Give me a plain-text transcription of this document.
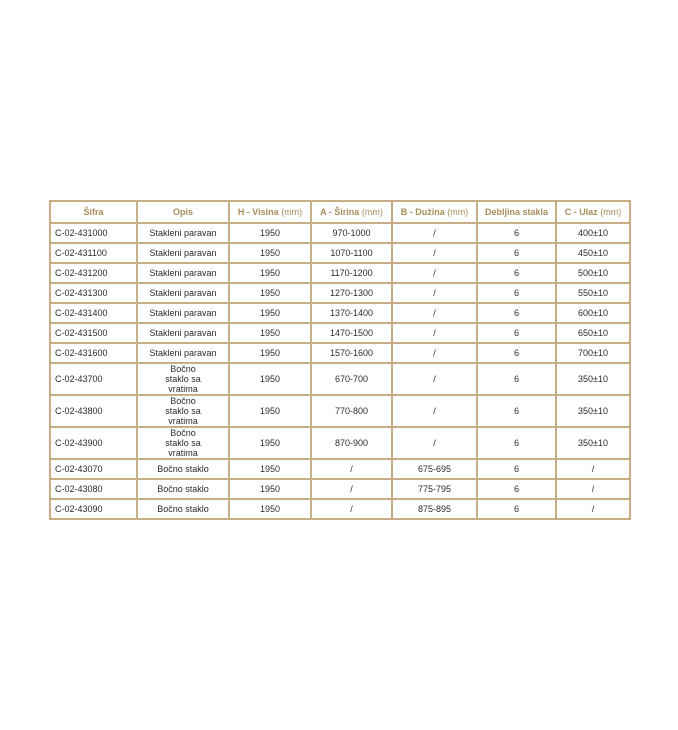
Šifra	Opis	H - Visina (mm)	A - Širina (mm)	B - Dužina (mm)	Debljina stakla	C - Ulaz (mm)
C-02-431000	Stakleni paravan	1950	970-1000	/	6	400±10
C-02-431100	Stakleni paravan	1950	1070-1100	/	6	450±10
C-02-431200	Stakleni paravan	1950	1170-1200	/	6	500±10
C-02-431300	Stakleni paravan	1950	1270-1300	/	6	550±10
C-02-431400	Stakleni paravan	1950	1370-1400	/	6	600±10
C-02-431500	Stakleni paravan	1950	1470-1500	/	6	650±10
C-02-431600	Stakleni paravan	1950	1570-1600	/	6	700±10
C-02-43700	Bočno staklo sa vratima	1950	670-700	/	6	350±10
C-02-43800	Bočno staklo sa vratima	1950	770-800	/	6	350±10
C-02-43900	Bočno staklo sa vratima	1950	870-900	/	6	350±10
C-02-43070	Bočno staklo	1950	/	675-695	6	/
C-02-43080	Bočno staklo	1950	/	775-795	6	/
C-02-43090	Bočno staklo	1950	/	875-895	6	/
